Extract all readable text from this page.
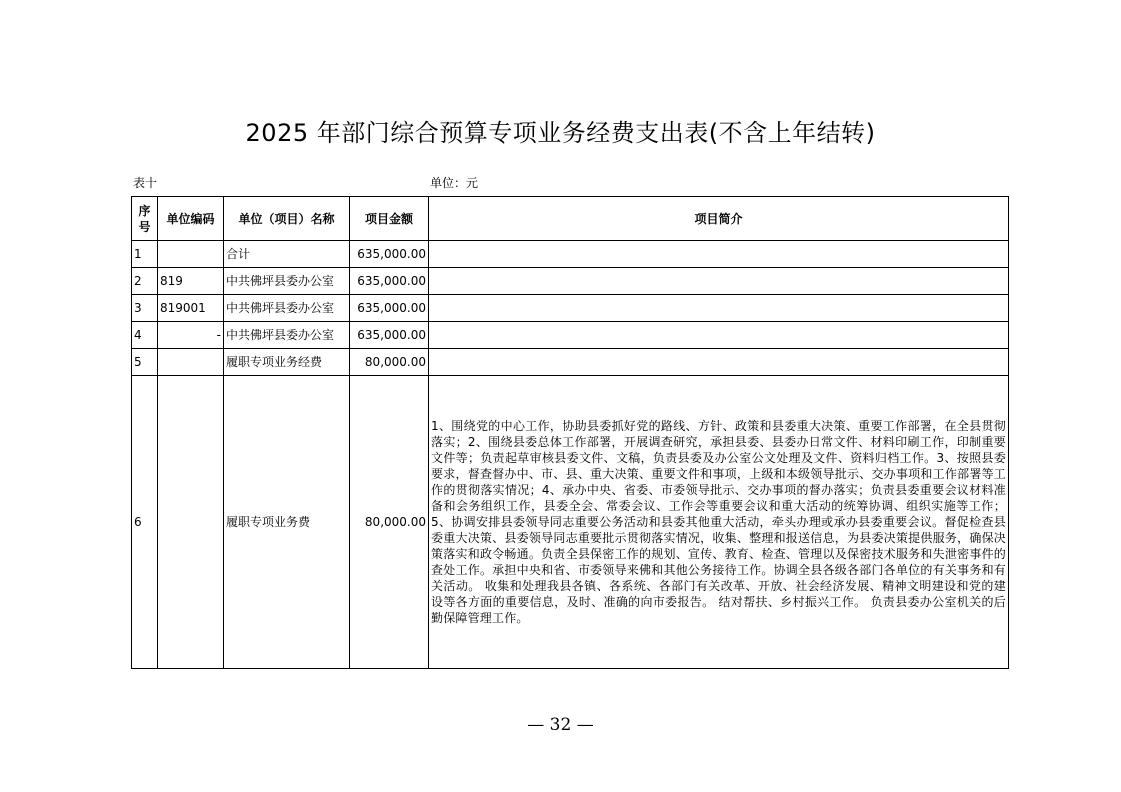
2025 年部门综合预算专项业务经费支出表(不含上年结转)
表十	单位：元
序号	单位编码	单位（项目）名称	项目金额	项目简介
1		合计	635,000.00	
2	819	中共佛坪县委办公室	635,000.00	
3	819001	中共佛坪县委办公室	635,000.00	
4	-	中共佛坪县委办公室	635,000.00	
5		履职专项业务经费	80,000.00	
6		履职专项业务费	80,000.00	1、围绕党的中心工作，协助县委抓好党的路线、方针、政策和县委重大决策、重要工作部署，在全县贯彻落实；2、围绕县委总体工作部署，开展调查研究，承担县委、县委办日常文件、材料印刷工作，印制重要文件等；负责起草审核县委文件、文稿，负责县委及办公室公文处理及文件、资料归档工作。3、按照县委要求，督查督办中、市、县、重大决策、重要文件和事项，上级和本级领导批示、交办事项和工作部署等工作的贯彻落实情况；4、承办中央、省委、市委领导批示、交办事项的督办落实；负责县委重要会议材料准备和会务组织工作，县委全会、常委会议、工作会等重要会议和重大活动的统筹协调、组织实施等工作；5、协调安排县委领导同志重要公务活动和县委其他重大活动，牵头办理或承办县委重要会议。督促检查县委重大决策、县委领导同志重要批示贯彻落实情况，收集、整理和报送信息，为县委决策提供服务，确保决策落实和政令畅通。负责全县保密工作的规划、宣传、教育、检查、管理以及保密技术服务和失泄密事件的查处工作。承担中央和省、市委领导来佛和其他公务接待工作。协调全县各级各部门各单位的有关事务和有关活动。 收集和处理我县各镇、各系统、各部门有关改革、开放、社会经济发展、精神文明建设和党的建设等各方面的重要信息，及时、准确的向市委报告。 结对帮扶、乡村振兴工作。 负责县委办公室机关的后勤保障管理工作。
— 32 —
